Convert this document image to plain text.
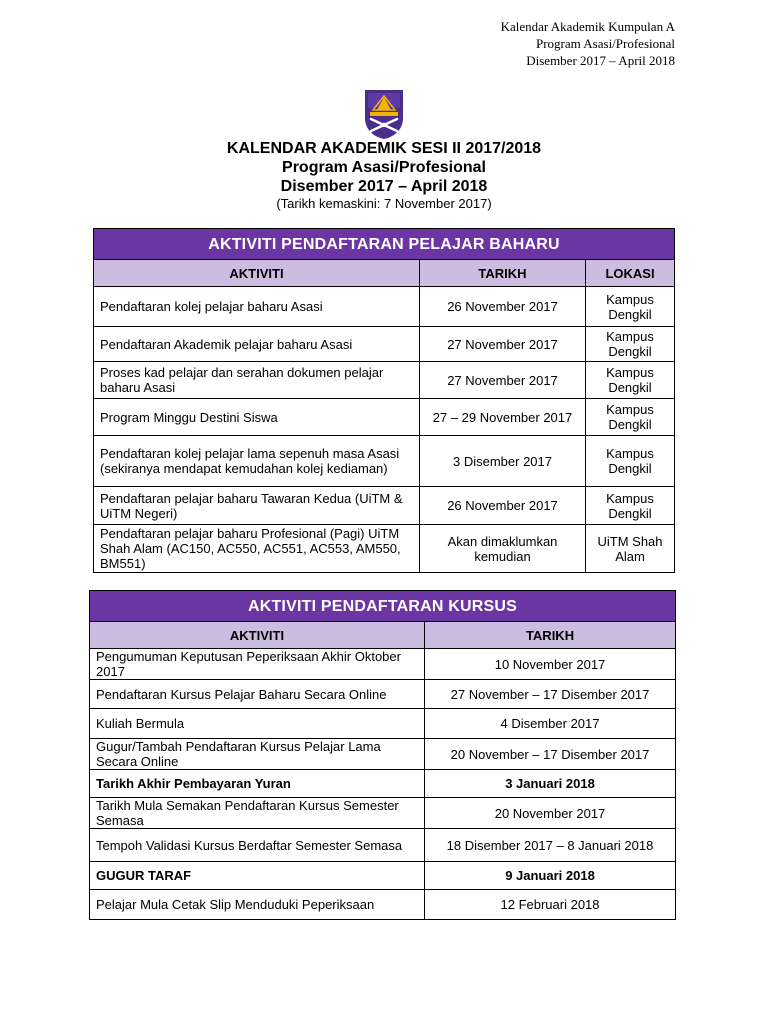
Kalendar Akademik Kumpulan A
Program Asasi/Profesional
Disember 2017 – April 2018
KALENDAR AKADEMIK SESI II 2017/2018
Program Asasi/Profesional
Disember 2017 – April 2018
(Tarikh kemaskini: 7 November 2017)
AKTIVITI PENDAFTARAN PELAJAR BAHARU		
AKTIVITI	TARIKH	LOKASI
Pendaftaran kolej pelajar baharu Asasi	26 November 2017	Kampus Dengkil
Pendaftaran Akademik pelajar baharu Asasi	27 November 2017	Kampus Dengkil
Proses kad pelajar dan serahan dokumen pelajar baharu Asasi	27 November 2017	Kampus Dengkil
Program Minggu Destini Siswa	27 – 29 November 2017	Kampus Dengkil
Pendaftaran kolej pelajar lama sepenuh masa Asasi (sekiranya mendapat kemudahan kolej kediaman)	3 Disember 2017	Kampus Dengkil
Pendaftaran pelajar baharu Tawaran Kedua (UiTM & UiTM Negeri)	26 November 2017	Kampus Dengkil
Pendaftaran pelajar baharu Profesional (Pagi) UiTM Shah Alam (AC150, AC550, AC551, AC553, AM550, BM551)	Akan dimaklumkan kemudian	UiTM Shah Alam
AKTIVITI PENDAFTARAN KURSUS	
AKTIVITI	TARIKH
Pengumuman Keputusan Peperiksaan Akhir Oktober 2017	10 November 2017
Pendaftaran Kursus Pelajar Baharu Secara Online	27 November – 17 Disember 2017
Kuliah Bermula	4 Disember 2017
Gugur/Tambah Pendaftaran Kursus Pelajar Lama Secara Online	20 November – 17 Disember 2017
Tarikh Akhir Pembayaran Yuran	3 Januari 2018
Tarikh Mula Semakan Pendaftaran Kursus Semester Semasa	20 November 2017
Tempoh Validasi Kursus Berdaftar Semester Semasa	18 Disember 2017 – 8 Januari 2018
GUGUR TARAF	9 Januari 2018
Pelajar Mula Cetak Slip Menduduki Peperiksaan	12 Februari 2018
